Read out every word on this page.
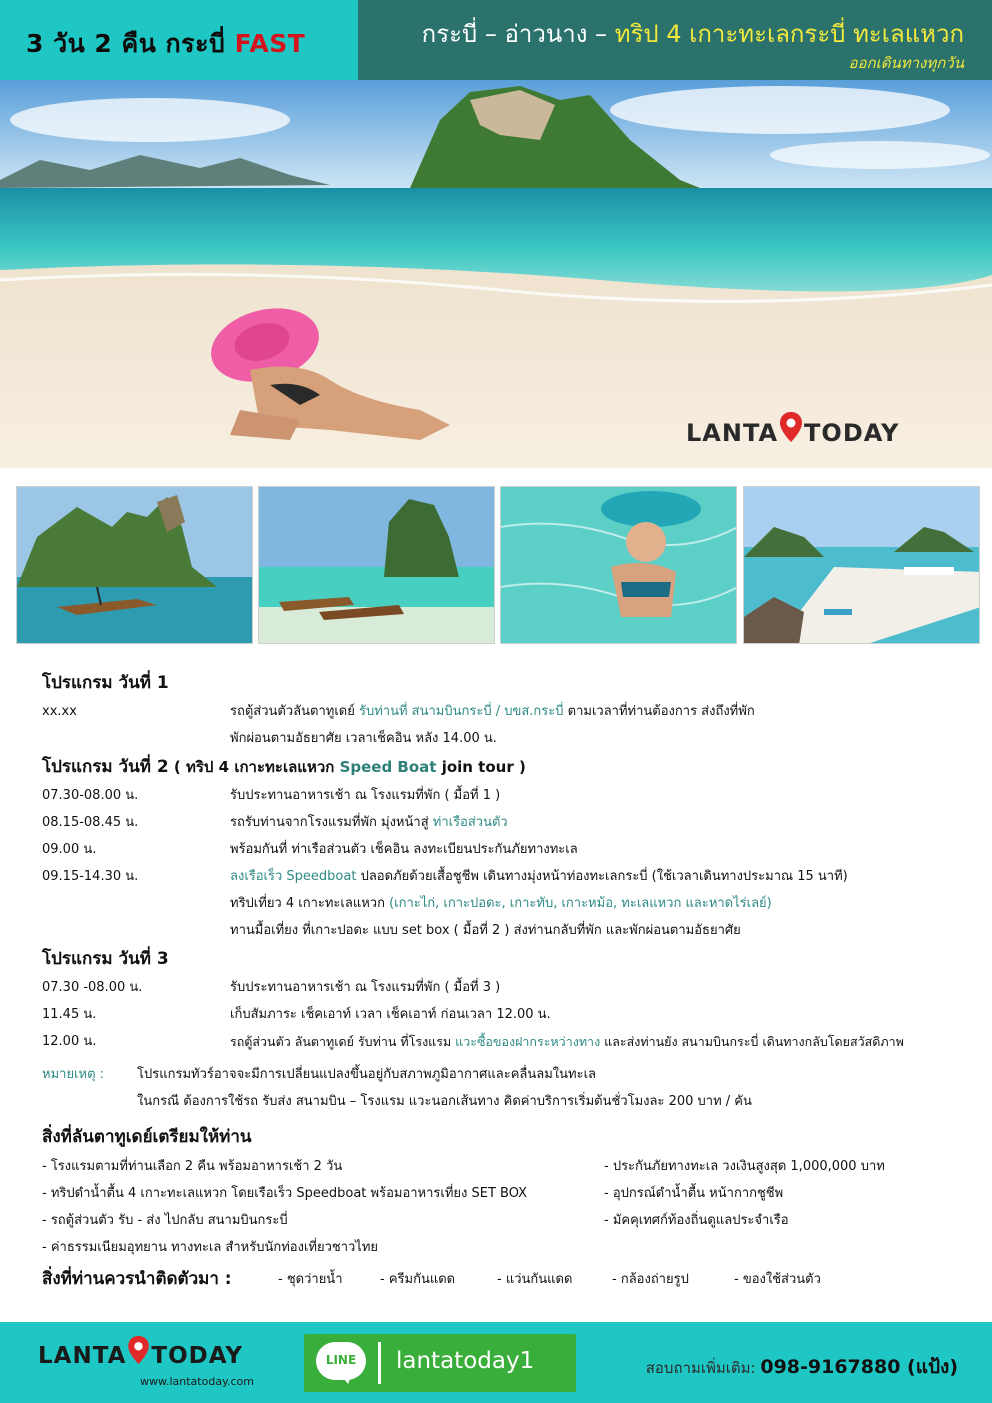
3 วัน 2 คืน กระบี่ FAST	กระบี่ – อ่าวนาง – ทริป 4 เกาะทะเลกระบี่ ทะเลแหวก
ออกเดินทางทุกวัน
LANTA TODAY
โปรแกรม วันที่ 1
xx.xx	รถตู้ส่วนตัวลันตาทูเดย์ รับท่านที่ สนามบินกระบี่ / บขส.กระบี่ ตามเวลาที่ท่านต้องการ ส่งถึงที่พัก
พักผ่อนตามอัธยาศัย เวลาเช็คอิน หลัง 14.00 น.
โปรแกรม วันที่ 2 ( ทริป 4 เกาะทะเลแหวก Speed Boat join tour )
07.30-08.00 น.	รับประทานอาหารเช้า ณ โรงแรมที่พัก ( มื้อที่ 1 )
08.15-08.45 น.	รถรับท่านจากโรงแรมที่พัก มุ่งหน้าสู่ ท่าเรือส่วนตัว
09.00 น.	พร้อมกันที่ ท่าเรือส่วนตัว เช็คอิน ลงทะเบียนประกันภัยทางทะเล
09.15-14.30 น.	ลงเรือเร็ว Speedboat ปลอดภัยด้วยเสื้อชูชีพ เดินทางมุ่งหน้าท่องทะเลกระบี่ (ใช้เวลาเดินทางประมาณ 15 นาที)
ทริปเที่ยว 4 เกาะทะเลแหวก (เกาะไก่, เกาะปอดะ, เกาะทับ, เกาะหม้อ, ทะเลแหวก และหาดไร่เลย์)
ทานมื้อเที่ยง ที่เกาะปอดะ แบบ set box ( มื้อที่ 2 ) ส่งท่านกลับที่พัก และพักผ่อนตามอัธยาศัย
โปรแกรม วันที่ 3
07.30 -08.00 น.	รับประทานอาหารเช้า ณ โรงแรมที่พัก ( มื้อที่ 3 )
11.45 น.	เก็บสัมภาระ เช็คเอาท์ เวลา เช็คเอาท์ ก่อนเวลา 12.00 น.
12.00 น.	รถตู้ส่วนตัว ลันตาทูเดย์ รับท่าน ที่โรงแรม แวะซื้อของฝากระหว่างทาง และส่งท่านยัง สนามบินกระบี่ เดินทางกลับโดยสวัสดิภาพ
หมายเหตุ :	โปรแกรมทัวร์อาจจะมีการเปลี่ยนแปลงขึ้นอยู่กับสภาพภูมิอากาศและคลื่นลมในทะเล
ในกรณี ต้องการใช้รถ รับส่ง สนามบิน – โรงแรม แวะนอกเส้นทาง คิดค่าบริการเริ่มต้นชั่วโมงละ 200 บาท / คัน
สิ่งที่ลันตาทูเดย์เตรียมให้ท่าน
- โรงแรมตามที่ท่านเลือก 2 คืน พร้อมอาหารเช้า 2 วัน	- ประกันภัยทางทะเล วงเงินสูงสุด 1,000,000 บาท
- ทริปดำน้ำตื้น 4 เกาะทะเลแหวก โดยเรือเร็ว Speedboat พร้อมอาหารเที่ยง SET BOX	- อุปกรณ์ดำน้ำตื้น หน้ากากชูชีพ
- รถตู้ส่วนตัว รับ - ส่ง ไปกลับ สนามบินกระบี่	- มัคคุเทศก์ท้องถิ่นดูแลประจำเรือ
- ค่าธรรมเนียมอุทยาน ทางทะเล สำหรับนักท่องเที่ยวชาวไทย
สิ่งที่ท่านควรนำติดตัวมา :	- ชุดว่ายน้ำ	- ครีมกันแดด	- แว่นกันแดด	- กล้องถ่ายรูป	- ของใช้ส่วนตัว
LANTA TODAY
www.lantatoday.com
LINE	lantatoday1	สอบถามเพิ่มเติม: 098-9167880 (แป้ง)
